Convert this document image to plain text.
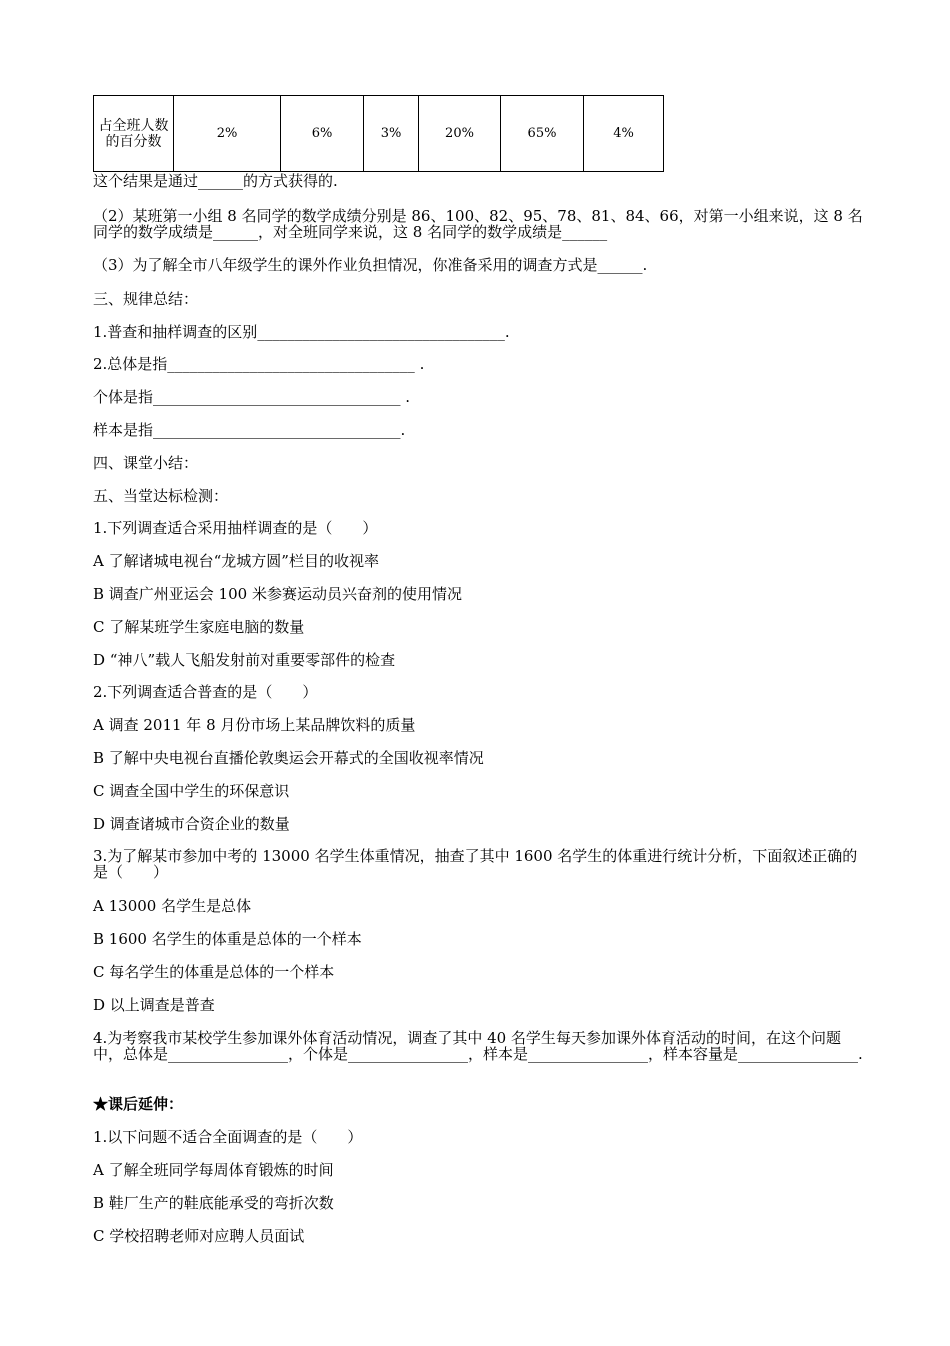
占全班人数的百分数	2%	6%	3%	20%	65%	4%
这个结果是通过______的方式获得的.
（2）某班第一小组 8 名同学的数学成绩分别是 86、100、82、95、78、81、84、66，对第一小组来说，这 8 名同学的数学成绩是______，对全班同学来说，这 8 名同学的数学成绩是______
（3）为了解全市八年级学生的课外作业负担情况，你准备采用的调查方式是______.
三、规律总结：
1.普查和抽样调查的区别_________________________________.
2.总体是指_________________________________ .
个体是指_________________________________ .
样本是指_________________________________.
四、课堂小结：
五、当堂达标检测：
1.下列调查适合采用抽样调查的是（　　）
A 了解诸城电视台“龙城方圆”栏目的收视率
B 调查广州亚运会 100 米参赛运动员兴奋剂的使用情况
C 了解某班学生家庭电脑的数量
D “神八”载人飞船发射前对重要零部件的检查
2.下列调查适合普查的是（　　）
A 调查 2011 年 8 月份市场上某品牌饮料的质量
B 了解中央电视台直播伦敦奥运会开幕式的全国收视率情况
C 调查全国中学生的环保意识
D 调查诸城市合资企业的数量
3.为了解某市参加中考的 13000 名学生体重情况，抽查了其中 1600 名学生的体重进行统计分析，下面叙述正确的是（　　）
A 13000 名学生是总体
B 1600 名学生的体重是总体的一个样本
C 每名学生的体重是总体的一个样本
D 以上调查是普查
4.为考察我市某校学生参加课外体育活动情况，调查了其中 40 名学生每天参加课外体育活动的时间，在这个问题中，总体是________________，个体是________________，样本是________________，样本容量是________________.
★课后延伸：
1.以下问题不适合全面调查的是（　　）
A 了解全班同学每周体育锻炼的时间
B 鞋厂生产的鞋底能承受的弯折次数
C 学校招聘老师对应聘人员面试
